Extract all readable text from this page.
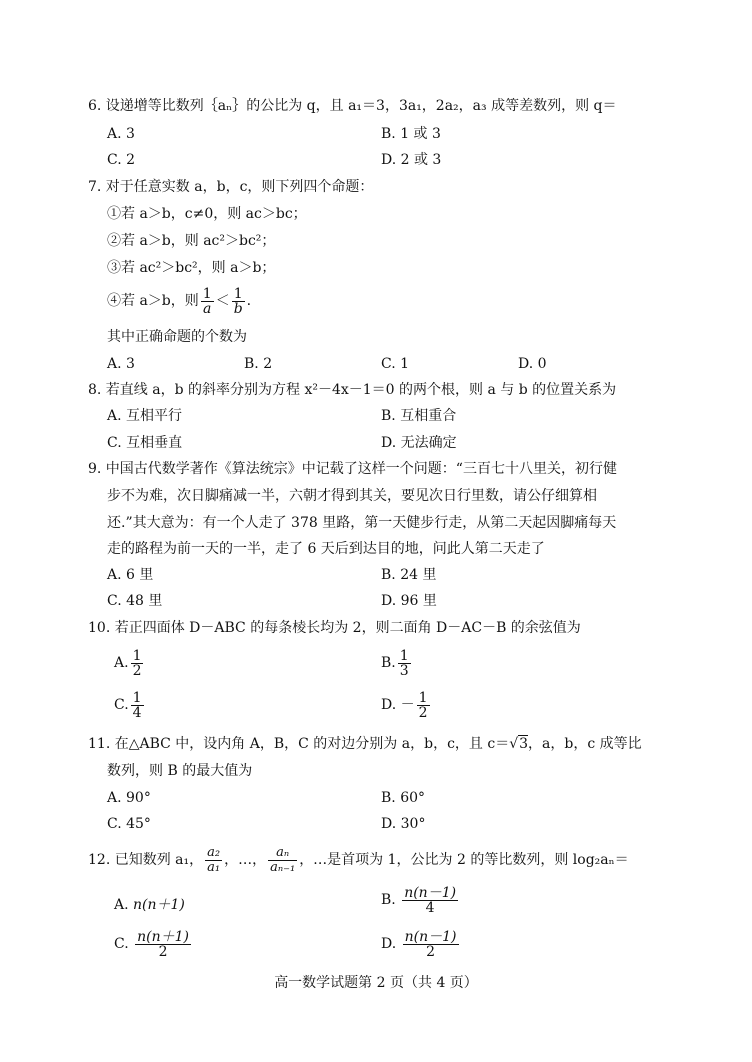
6. 设递增等比数列｛aₙ｝的公比为 q，且 a₁＝3，3a₁，2a₂，a₃ 成等差数列，则 q＝
A. 3	B. 1 或 3
C. 2	D. 2 或 3
7. 对于任意实数 a，b，c，则下列四个命题：
①若 a＞b，c≠0，则 ac＞bc；
②若 a＞b，则 ac²＞bc²；
③若 ac²＞bc²，则 a＞b；
④若 a＞b，则 $\frac{1}{a} < \frac{1}{b}$ .
其中正确命题的个数为
A. 3	B. 2	C. 1	D. 0
8. 若直线 a，b 的斜率分别为方程 x²－4x－1＝0 的两个根，则 a 与 b 的位置关系为
A. 互相平行	B. 互相重合
C. 互相垂直	D. 无法确定
9. 中国古代数学著作《算法统宗》中记载了这样一个问题：“三百七十八里关，初行健
步不为难，次日脚痛减一半，六朝才得到其关，要见次日行里数，请公仔细算相
还.”其大意为：有一个人走了 378 里路，第一天健步行走，从第二天起因脚痛每天
走的路程为前一天的一半，走了 6 天后到达目的地，问此人第二天走了
A. 6 里	B. 24 里
C. 48 里	D. 96 里
10. 若正四面体 D－ABC 的每条棱长均为 2，则二面角 D－AC－B 的余弦值为
A. $\frac{1}{2}$	B. $\frac{1}{3}$
C. $\frac{1}{4}$	D. － $\frac{1}{2}$
11. 在△ABC 中，设内角 A，B，C 的对边分别为 a，b，c，且 c＝√3，a，b，c 成等比
数列，则 B 的最大值为
A. 90°	B. 60°
C. 45°	D. 30°
12. 已知数列 a₁， $\frac{\text{a₂}}{\text{a₁}}$ ，…， $\frac{\text{aₙ}}{\text{aₙ₋₁}}$ ，…是首项为 1，公比为 2 的等比数列，则 log₂aₙ＝
A. n(n＋1)	B. $\frac{n(n-1)}{4}$
C. $\frac{n(n+1)}{2}$	D. $\frac{n(n-1)}{2}$
高一数学试题第 2 页（共 4 页）
